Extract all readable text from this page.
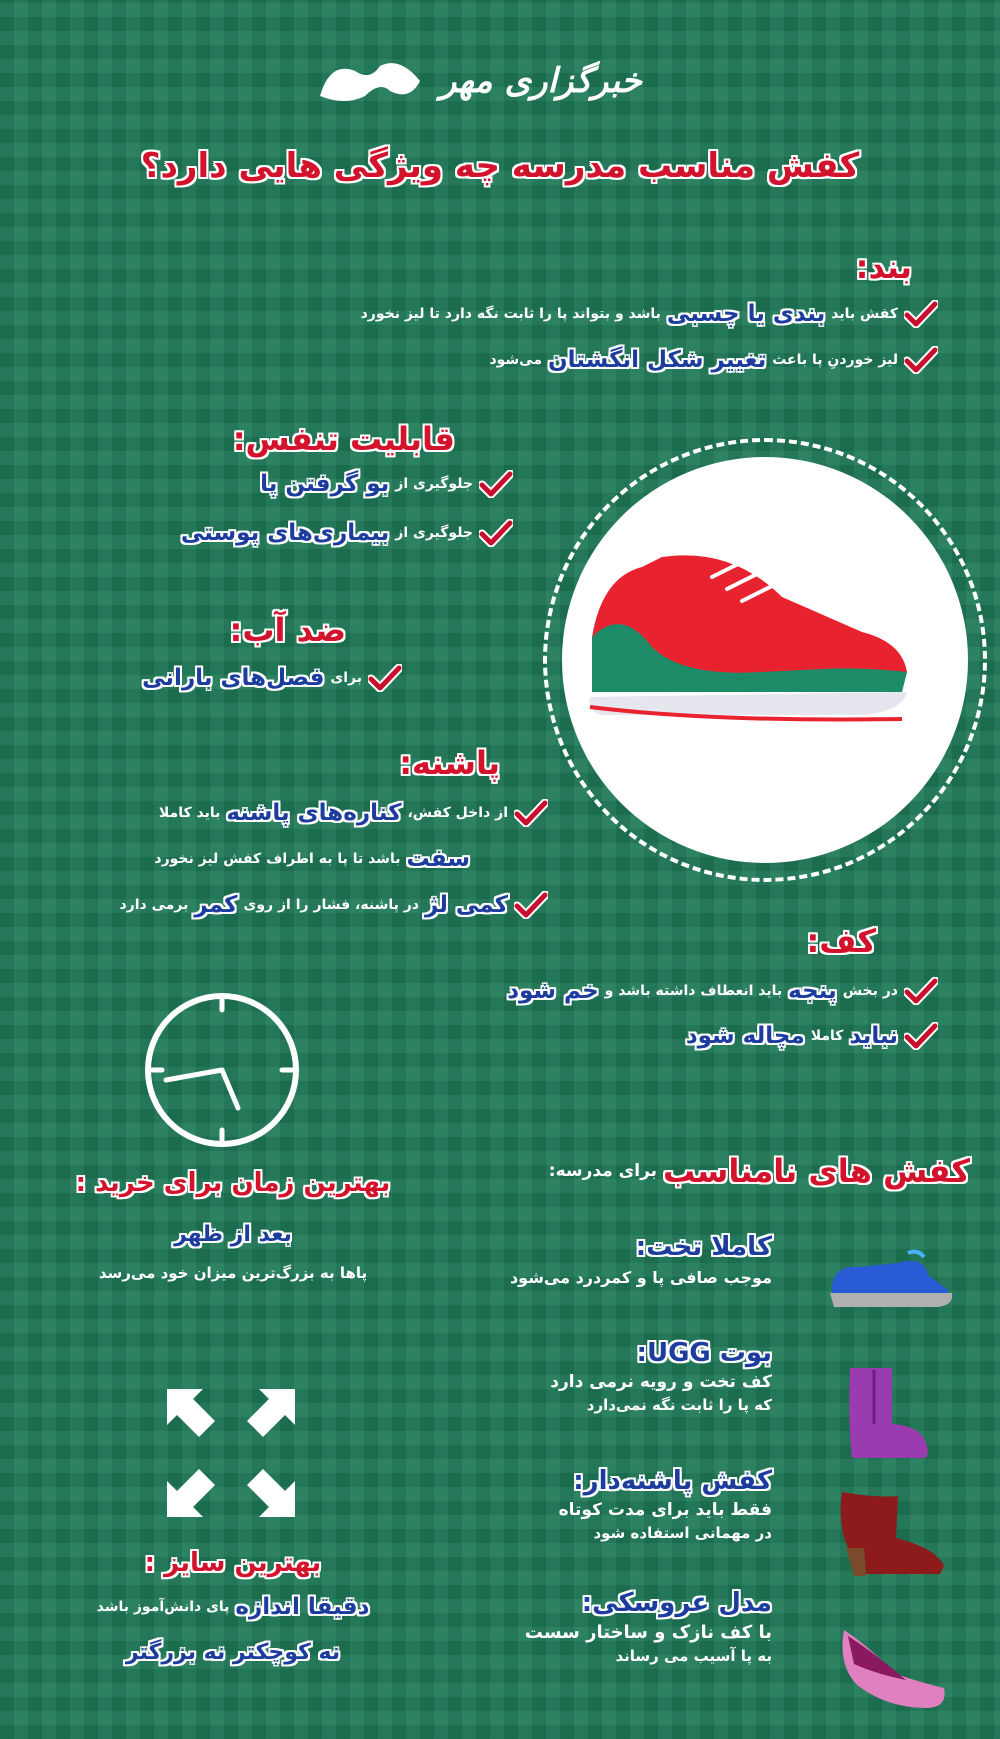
خبرگزاری مهر
کفش مناسب مدرسه چه ویژگی هایی دارد؟
بند:
کفش باید
بندی یا چسبی
باشد و بتواند پا را ثابت نگه دارد تا لیز نخورد
لیز خوردنِ پا باعث
تغییر شکل انگشتان
می‌شود
قابلیت تنفس:
جلوگیری از
بو گرفتن پا
جلوگیری از
بیماری‌های پوستی
ضد آب:
برای
فصل‌های بارانی
پاشنه:
از داخل کفش،
کناره‌های پاشنه
باید کاملا
سفت
باشد تا پا به اطراف کفش لیز نخورد
کمی لژ
در پاشنه، فشار را از روی
کمر
برمی دارد
کف:
در بخش
پنجه
باید انعطاف داشته باشد و
خم شود
نباید
کاملا
مچاله شود
بهترین زمان برای خرید :
بعد از ظهر
پاها به بزرگ‌ترین میزان خود می‌رسد
بهترین سایز :
دقیقا اندازه
پای دانش‌آموز باشد
نه کوچکتر نه بزرگتر
کفش های نامناسب
برای مدرسه:
کاملا تخت:
موجب صافی پا و کمردرد می‌شود
بوت UGG:
کف تخت و رویه نرمی دارد
که پا را ثابت نگه نمی‌دارد
کفش پاشنه‌دار:
فقط باید برای مدت کوتاه
در مهمانی استفاده شود
مدل عروسکی:
با کف نازک و ساختار سست
به پا آسیب می رساند
